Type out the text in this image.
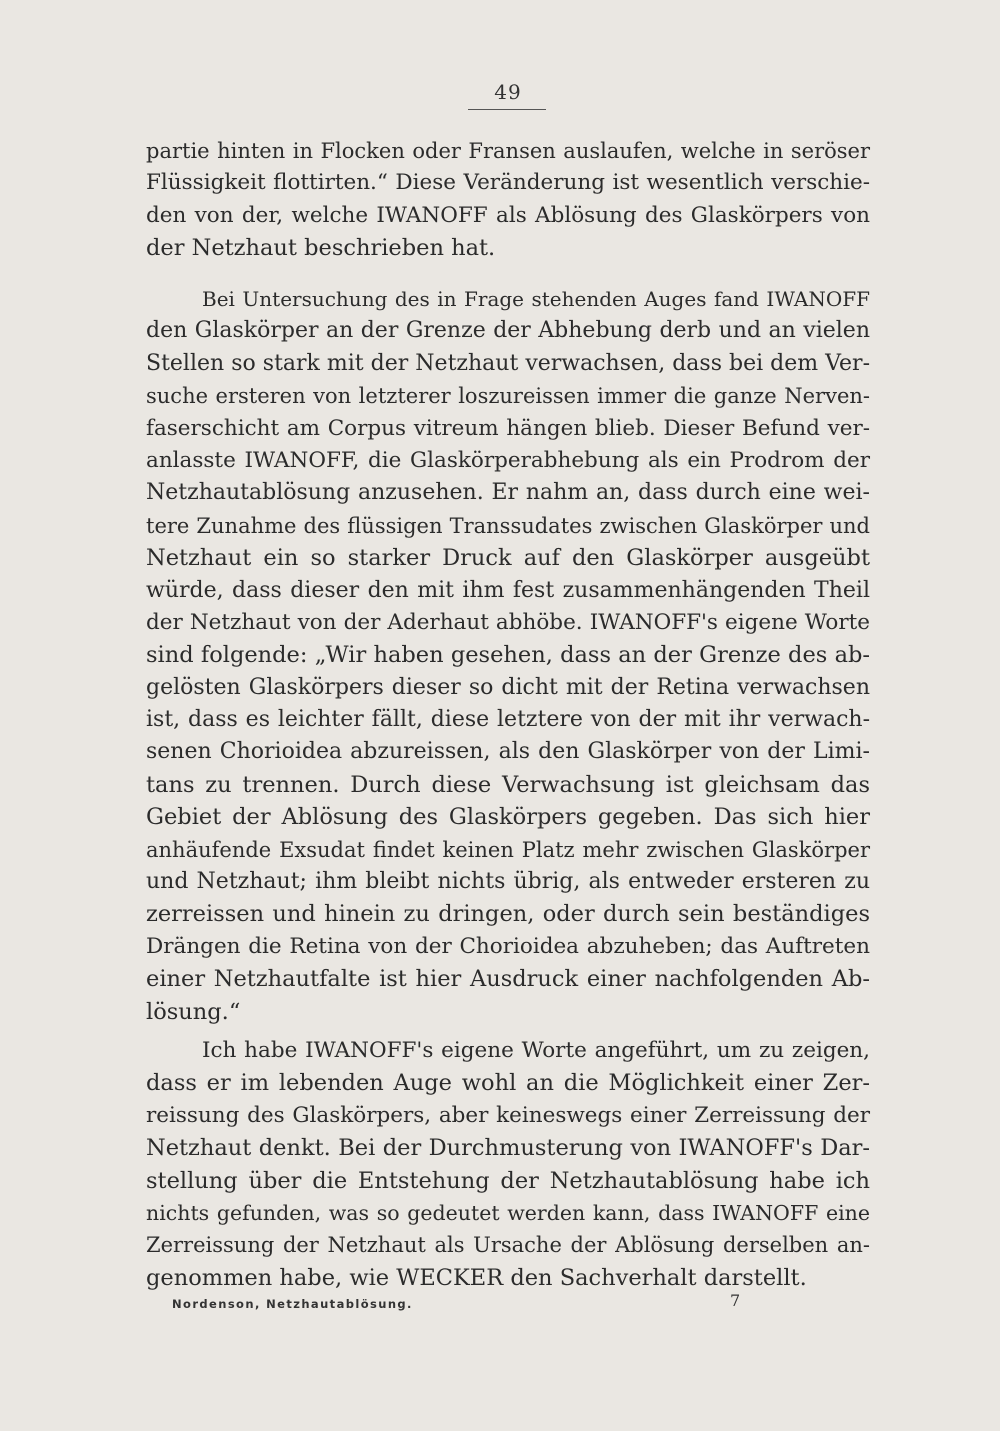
49
partie hinten in Flocken oder Fransen auslaufen, welche in seröser
Flüssigkeit flottirten.“ Diese Veränderung ist wesentlich verschie-
den von der, welche IWANOFF als Ablösung des Glaskörpers von
der Netzhaut beschrieben hat.
Bei Untersuchung des in Frage stehenden Auges fand IWANOFF
den Glaskörper an der Grenze der Abhebung derb und an vielen
Stellen so stark mit der Netzhaut verwachsen, dass bei dem Ver-
suche ersteren von letzterer loszureissen immer die ganze Nerven-
faserschicht am Corpus vitreum hängen blieb. Dieser Befund ver-
anlasste IWANOFF, die Glaskörperabhebung als ein Prodrom der
Netzhautablösung anzusehen. Er nahm an, dass durch eine wei-
tere Zunahme des flüssigen Transsudates zwischen Glaskörper und
Netzhaut ein so starker Druck auf den Glaskörper ausgeübt
würde, dass dieser den mit ihm fest zusammenhängenden Theil
der Netzhaut von der Aderhaut abhöbe. IWANOFF's eigene Worte
sind folgende: „Wir haben gesehen, dass an der Grenze des ab-
gelösten Glaskörpers dieser so dicht mit der Retina verwachsen
ist, dass es leichter fällt, diese letztere von der mit ihr verwach-
senen Chorioidea abzureissen, als den Glaskörper von der Limi-
tans zu trennen. Durch diese Verwachsung ist gleichsam das
Gebiet der Ablösung des Glaskörpers gegeben. Das sich hier
anhäufende Exsudat findet keinen Platz mehr zwischen Glaskörper
und Netzhaut; ihm bleibt nichts übrig, als entweder ersteren zu
zerreissen und hinein zu dringen, oder durch sein beständiges
Drängen die Retina von der Chorioidea abzuheben; das Auftreten
einer Netzhautfalte ist hier Ausdruck einer nachfolgenden Ab-
lösung.“
Ich habe IWANOFF's eigene Worte angeführt, um zu zeigen,
dass er im lebenden Auge wohl an die Möglichkeit einer Zer-
reissung des Glaskörpers, aber keineswegs einer Zerreissung der
Netzhaut denkt. Bei der Durchmusterung von IWANOFF's Dar-
stellung über die Entstehung der Netzhautablösung habe ich
nichts gefunden, was so gedeutet werden kann, dass IWANOFF eine
Zerreissung der Netzhaut als Ursache der Ablösung derselben an-
genommen habe, wie WECKER den Sachverhalt darstellt.
Nordenson, Netzhautablösung.	7
